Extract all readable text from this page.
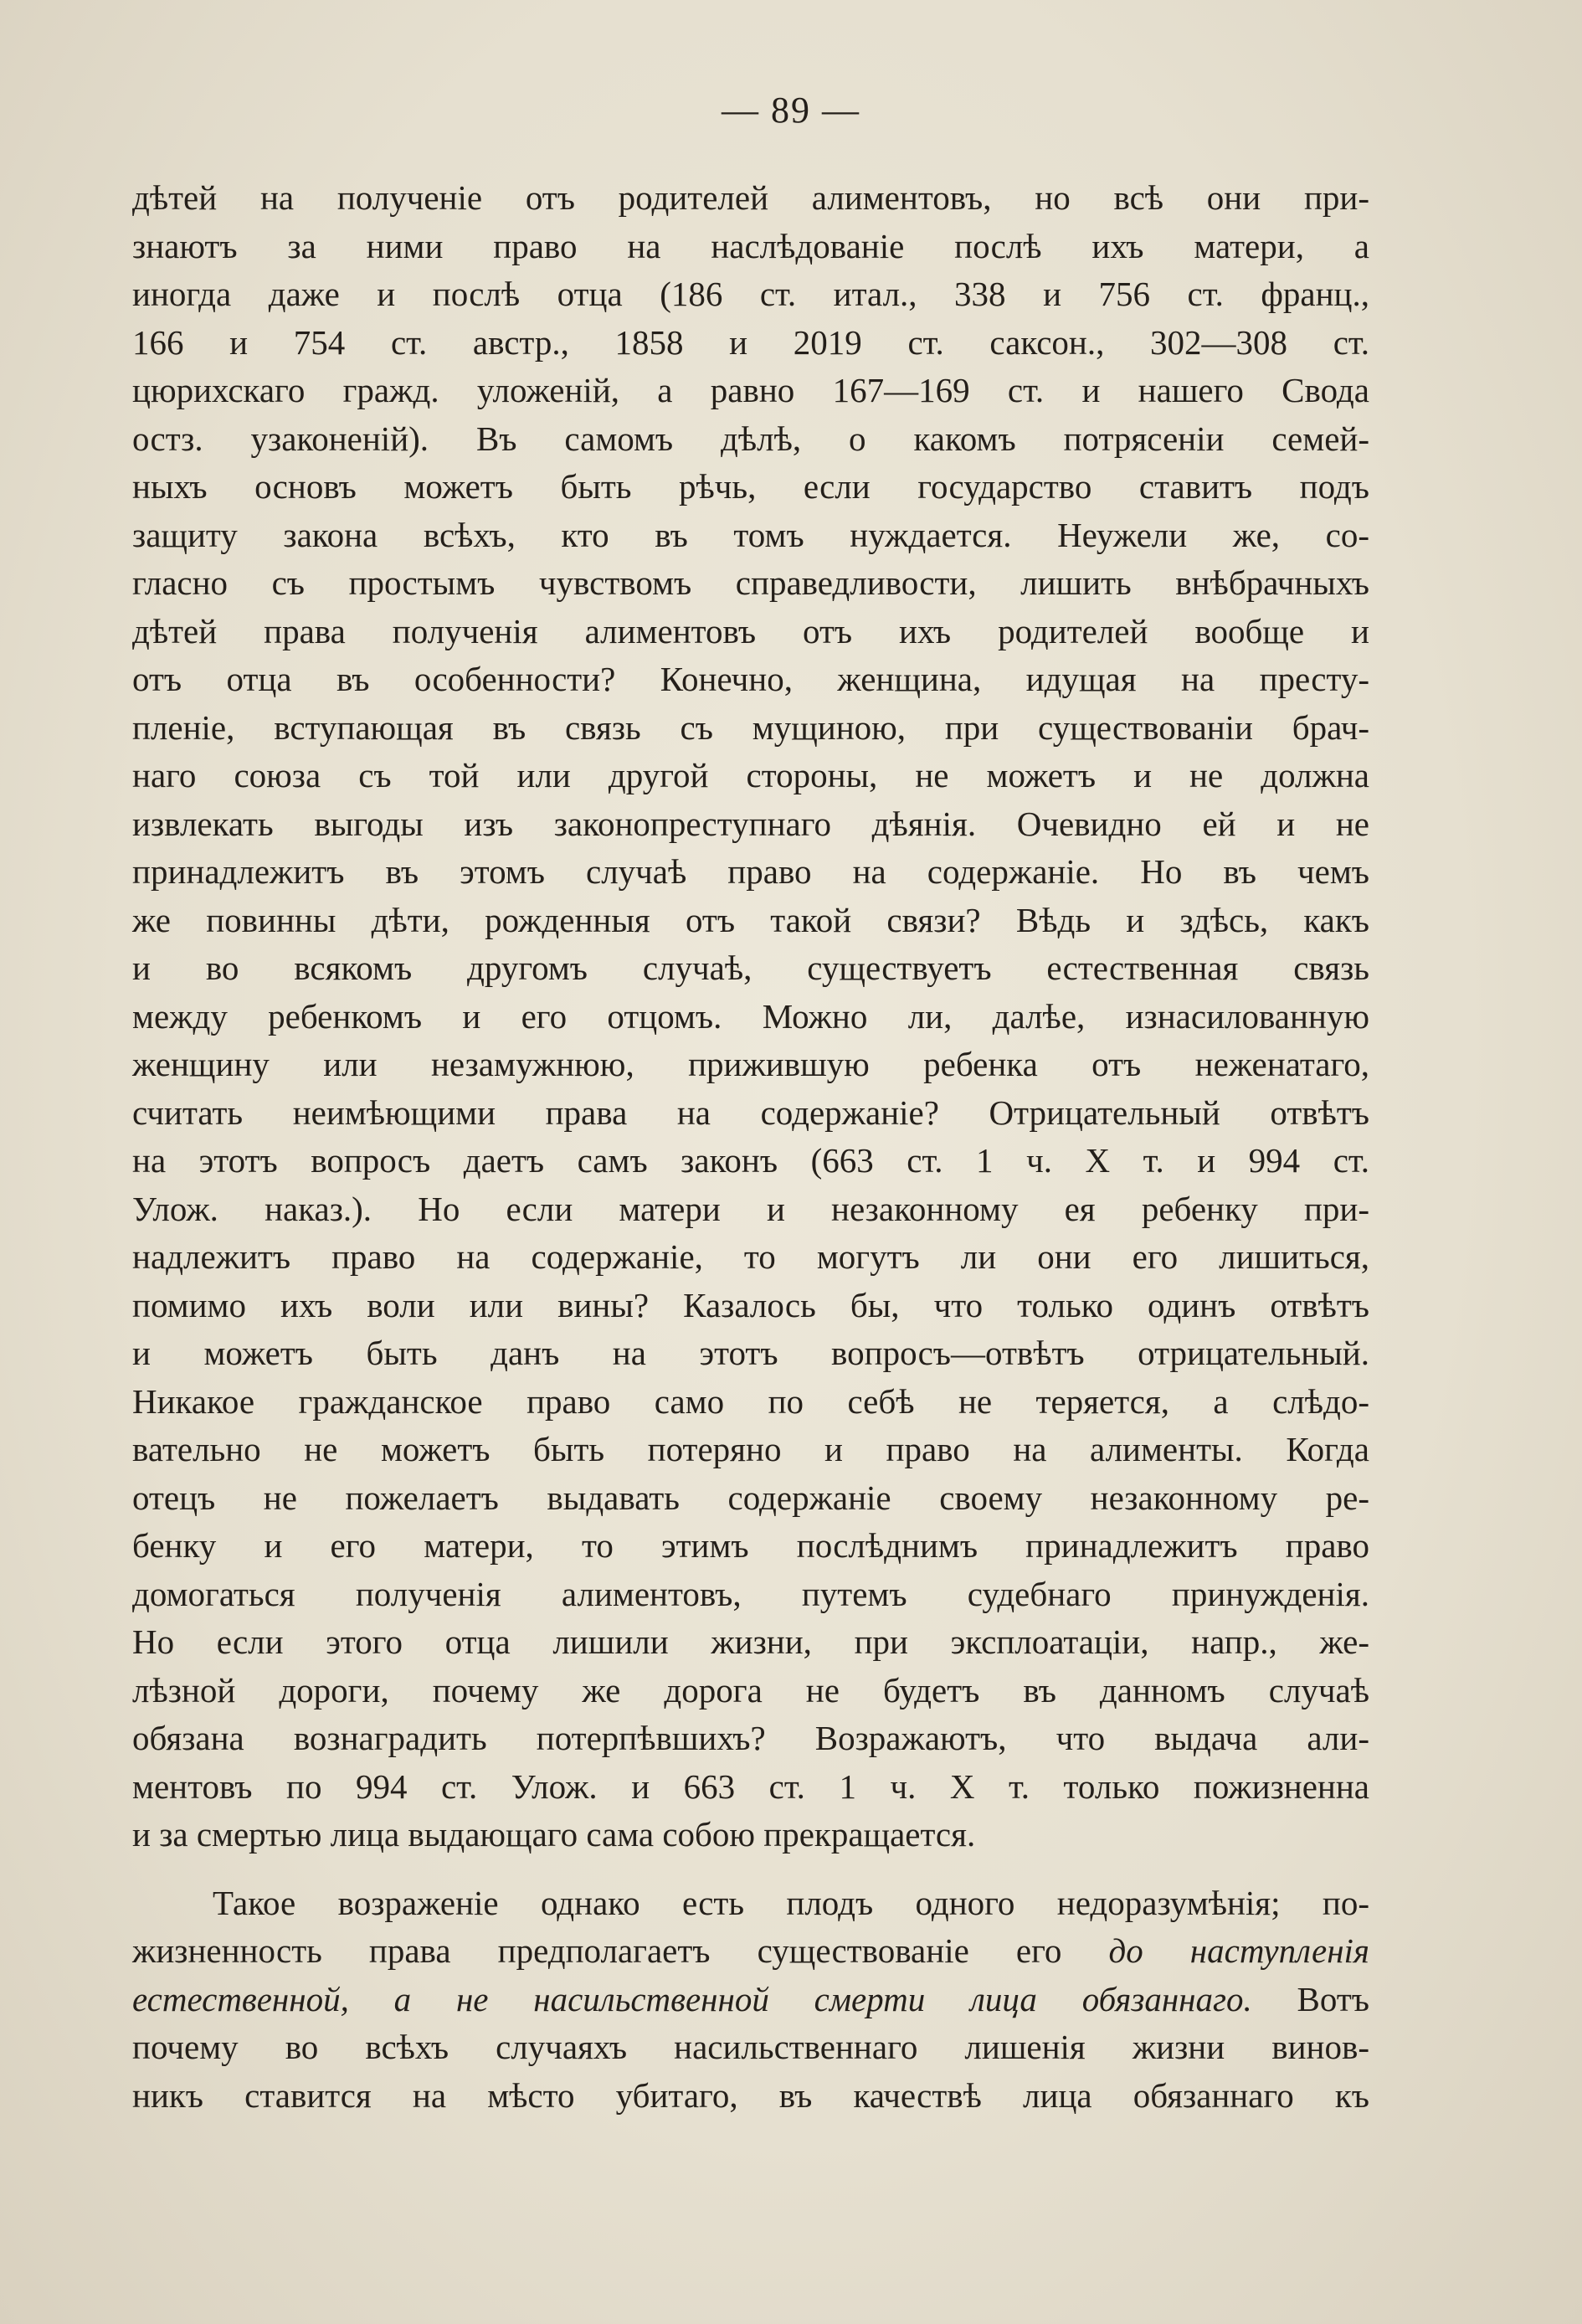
— 89 —
дѣтей на полученіе отъ родителей алиментовъ, но всѣ они при-
знаютъ за ними право на наслѣдованіе послѣ ихъ матери, а
иногда даже и послѣ отца (186 ст. итал., 338 и 756 ст. франц.,
166 и 754 ст. австр., 1858 и 2019 ст. саксон., 302—308 ст.
цюрихскаго гражд. уложеній, а равно 167—169 ст. и нашего Свода
остз. узаконеній). Въ самомъ дѣлѣ, о какомъ потрясеніи семей-
ныхъ основъ можетъ быть рѣчь, если государство ставитъ подъ
защиту закона всѣхъ, кто въ томъ нуждается. Неужели же, со-
гласно съ простымъ чувствомъ справедливости, лишить внѣбрачныхъ
дѣтей права полученія алиментовъ отъ ихъ родителей вообще и
отъ отца въ особенности? Конечно, женщина, идущая на престу-
пленіе, вступающая въ связь съ мущиною, при существованіи брач-
наго союза съ той или другой стороны, не можетъ и не должна
извлекать выгоды изъ законопреступнаго дѣянія. Очевидно ей и не
принадлежитъ въ этомъ случаѣ право на содержаніе. Но въ чемъ
же повинны дѣти, рожденныя отъ такой связи? Вѣдь и здѣсь, какъ
и во всякомъ другомъ случаѣ, существуетъ естественная связь
между ребенкомъ и его отцомъ. Можно ли, далѣе, изнасилованную
женщину или незамужнюю, прижившую ребенка отъ неженатаго,
считать неимѣющими права на содержаніе? Отрицательный отвѣтъ
на этотъ вопросъ даетъ самъ законъ (663 ст. 1 ч. X т. и 994 ст.
Улож. наказ.). Но если матери и незаконному ея ребенку при-
надлежитъ право на содержаніе, то могутъ ли они его лишиться,
помимо ихъ воли или вины? Казалось бы, что только одинъ отвѣтъ
и можетъ быть данъ на этотъ вопросъ—отвѣтъ отрицательный.
Никакое гражданское право само по себѣ не теряется, а слѣдо-
вательно не можетъ быть потеряно и право на алименты. Когда
отецъ не пожелаетъ выдавать содержаніе своему незаконному ре-
бенку и его матери, то этимъ послѣднимъ принадлежитъ право
домогаться полученія алиментовъ, путемъ судебнаго принужденія.
Но если этого отца лишили жизни, при эксплоатаціи, напр., же-
лѣзной дороги, почему же дорога не будетъ въ данномъ случаѣ
обязана вознаградить потерпѣвшихъ? Возражаютъ, что выдача али-
ментовъ по 994 ст. Улож. и 663 ст. 1 ч. X т. только пожизненна
и за смертью лица выдающаго сама собою прекращается.
Такое возраженіе однако есть плодъ одного недоразумѣнія; по-
жизненность права предполагаетъ существованіе его до наступленія
естественной, а не насильственной смерти лица обязаннаго. Вотъ
почему во всѣхъ случаяхъ насильственнаго лишенія жизни винов-
никъ ставится на мѣсто убитаго, въ качествѣ лица обязаннаго къ
